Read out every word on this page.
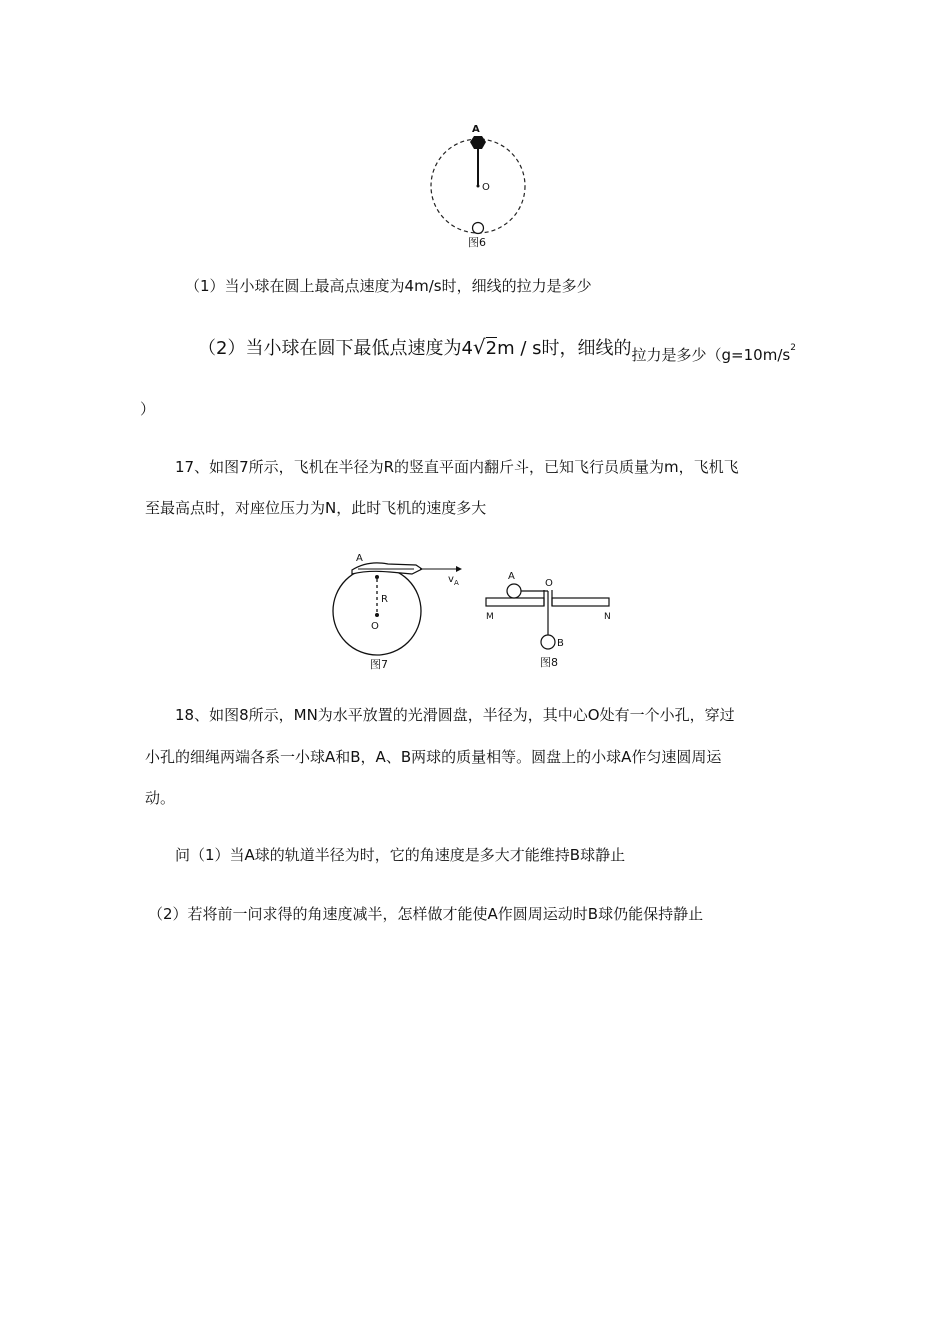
A
O
图6
（1）当小球在圆上最高点速度为4m/s时，细线的拉力是多少
（2）当小球在圆下最低点速度为4√2m / s时，细线的拉力是多少（$g=10m/s^2$
）
17、如图7所示，飞机在半径为R的竖直平面内翻斤斗，已知飞行员质量为m，飞机飞
至最高点时，对座位压力为N，此时飞机的速度多大
A
v A
R
O
图7
A
O
M	N
B
图8
18、如图8所示，MN为水平放置的光滑圆盘，半径为，其中心O处有一个小孔，穿过
小孔的细绳两端各系一小球A和B，A、B两球的质量相等。圆盘上的小球A作匀速圆周运
动。
问（1）当A球的轨道半径为时，它的角速度是多大才能维持B球静止
（2）若将前一问求得的角速度减半，怎样做才能使A作圆周运动时B球仍能保持静止
